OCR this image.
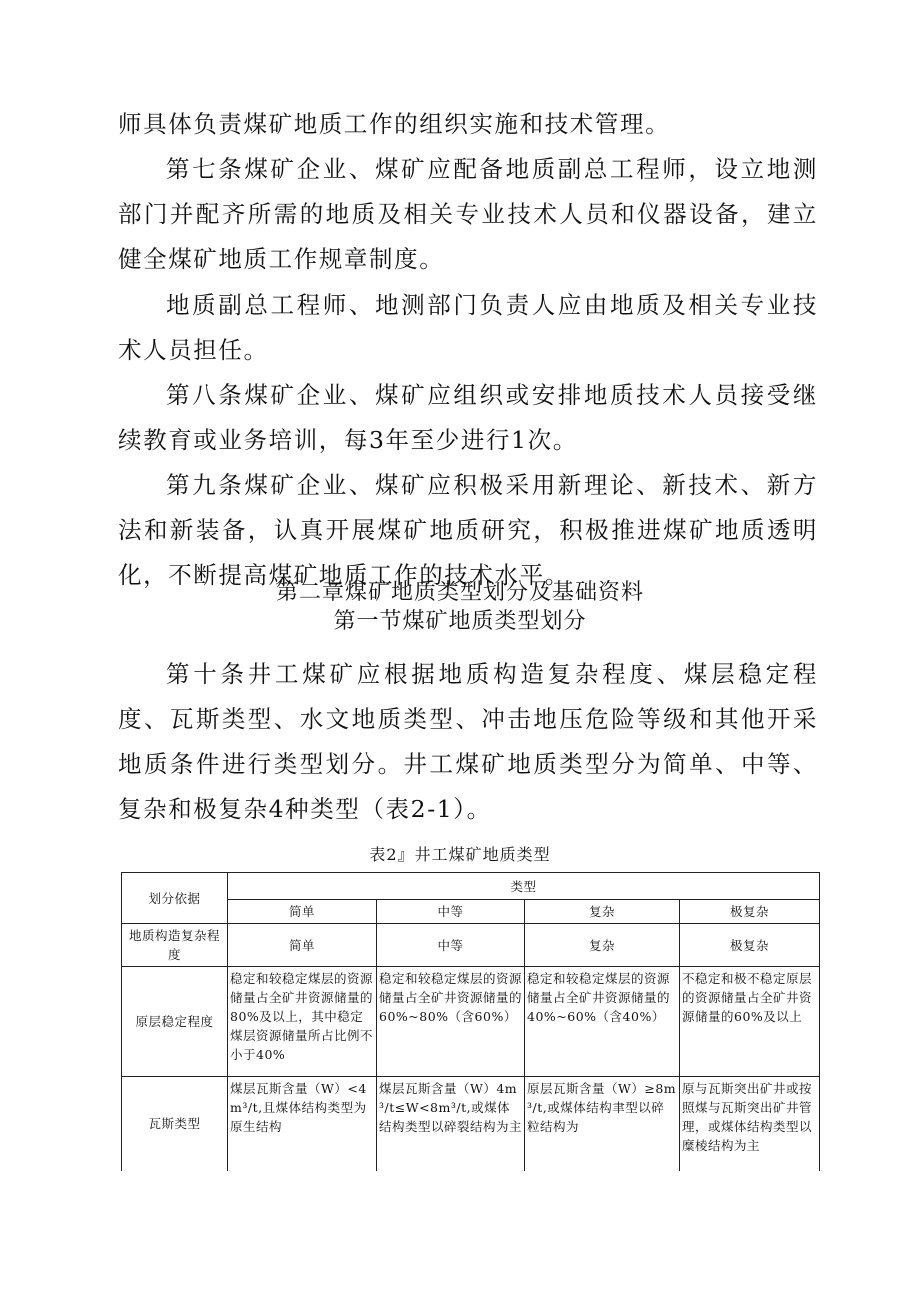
师具体负责煤矿地质工作的组织实施和技术管理。

第七条煤矿企业、煤矿应配备地质副总工程师，设立地测部门并配齐所需的地质及相关专业技术人员和仪器设备，建立健全煤矿地质工作规章制度。

地质副总工程师、地测部门负责人应由地质及相关专业技术人员担任。

第八条煤矿企业、煤矿应组织或安排地质技术人员接受继续教育或业务培训，每3年至少进行1次。

第九条煤矿企业、煤矿应积极采用新理论、新技术、新方法和新装备，认真开展煤矿地质研究，积极推进煤矿地质透明化，不断提高煤矿地质工作的技术水平。

第二章煤矿地质类型划分及基础资料
第一节煤矿地质类型划分

第十条井工煤矿应根据地质构造复杂程度、煤层稳定程度、瓦斯类型、水文地质类型、冲击地压危险等级和其他开采地质条件进行类型划分。井工煤矿地质类型分为简单、中等、复杂和极复杂4种类型（表2-1）。

表2』井工煤矿地质类型
划分依据	类型			
	简单	中等	复杂	极复杂
地质构造复杂程度	简单	中等	复杂	极复杂
原层稳定程度	稳定和较稳定煤层的资源储量占全矿井资源储量的80%及以上，其中稳定煤层资源储量所占比例不小于40%	稳定和较稳定煤层的资源储量占全矿井资源储量的60%~80%（含60%）	稳定和较稳定煤层的资源储量占全矿井资源储量的40%~60%（含40%）	不稳定和极不稳定原层的资源储量占全矿井资源储量的60%及以上
瓦斯类型	煤层瓦斯含量（W）<4m³/t,且煤体结构类型为原生结构	煤层瓦斯含量（W）4m³/t≤W<8m³/t,或煤体结构类型以碎裂结构为主	原层瓦斯含量（W）≥8m³/t,或煤体结构聿型以碎粒结构为	原与瓦斯突出矿井或按照煤与瓦斯突出矿井管理，或煤体结构类型以糜棱结构为主
